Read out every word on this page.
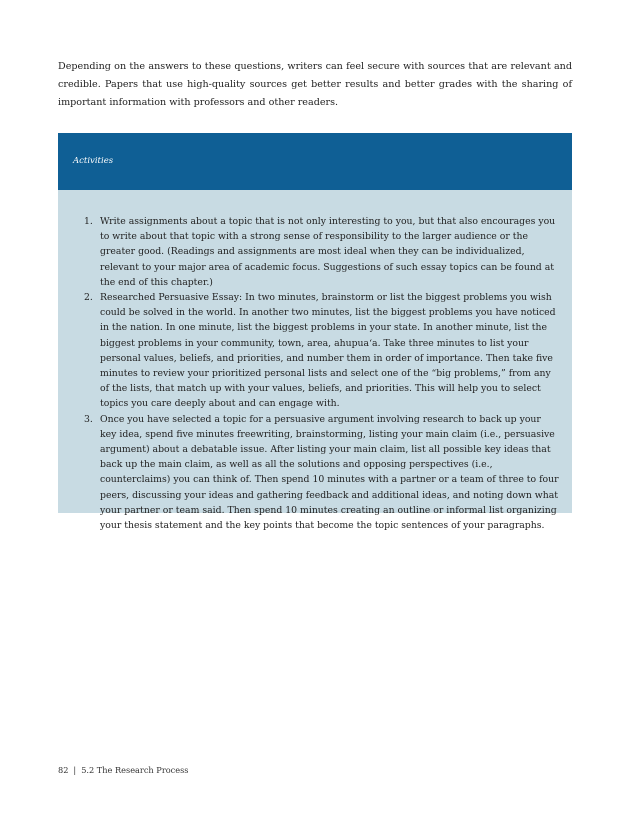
Depending on the answers to these questions, writers can feel secure with sources that are relevant and credible. Papers that use high-quality sources get better results and better grades with the sharing of important information with professors and other readers.

Activities
1. Write assignments about a topic that is not only interesting to you, but that also encourages you to write about that topic with a strong sense of responsibility to the larger audience or the greater good. (Readings and assignments are most ideal when they can be individualized, relevant to your major area of academic focus. Suggestions of such essay topics can be found at the end of this chapter.)
2. Researched Persuasive Essay: In two minutes, brainstorm or list the biggest problems you wish could be solved in the world. In another two minutes, list the biggest problems you have noticed in the nation. In one minute, list the biggest problems in your state. In another minute, list the biggest problems in your community, town, area, ahupua‘a. Take three minutes to list your personal values, beliefs, and priorities, and number them in order of importance. Then take five minutes to review your prioritized personal lists and select one of the “big problems,” from any of the lists, that match up with your values, beliefs, and priorities. This will help you to select topics you care deeply about and can engage with.
3. Once you have selected a topic for a persuasive argument involving research to back up your key idea, spend five minutes freewriting, brainstorming, listing your main claim (i.e., persuasive argument) about a debatable issue. After listing your main claim, list all possible key ideas that back up the main claim, as well as all the solutions and opposing perspectives (i.e., counterclaims) you can think of. Then spend 10 minutes with a partner or a team of three to four peers, discussing your ideas and gathering feedback and additional ideas, and noting down what your partner or team said. Then spend 10 minutes creating an outline or informal list organizing your thesis statement and the key points that become the topic sentences of your paragraphs.
82 | 5.2 The Research Process
